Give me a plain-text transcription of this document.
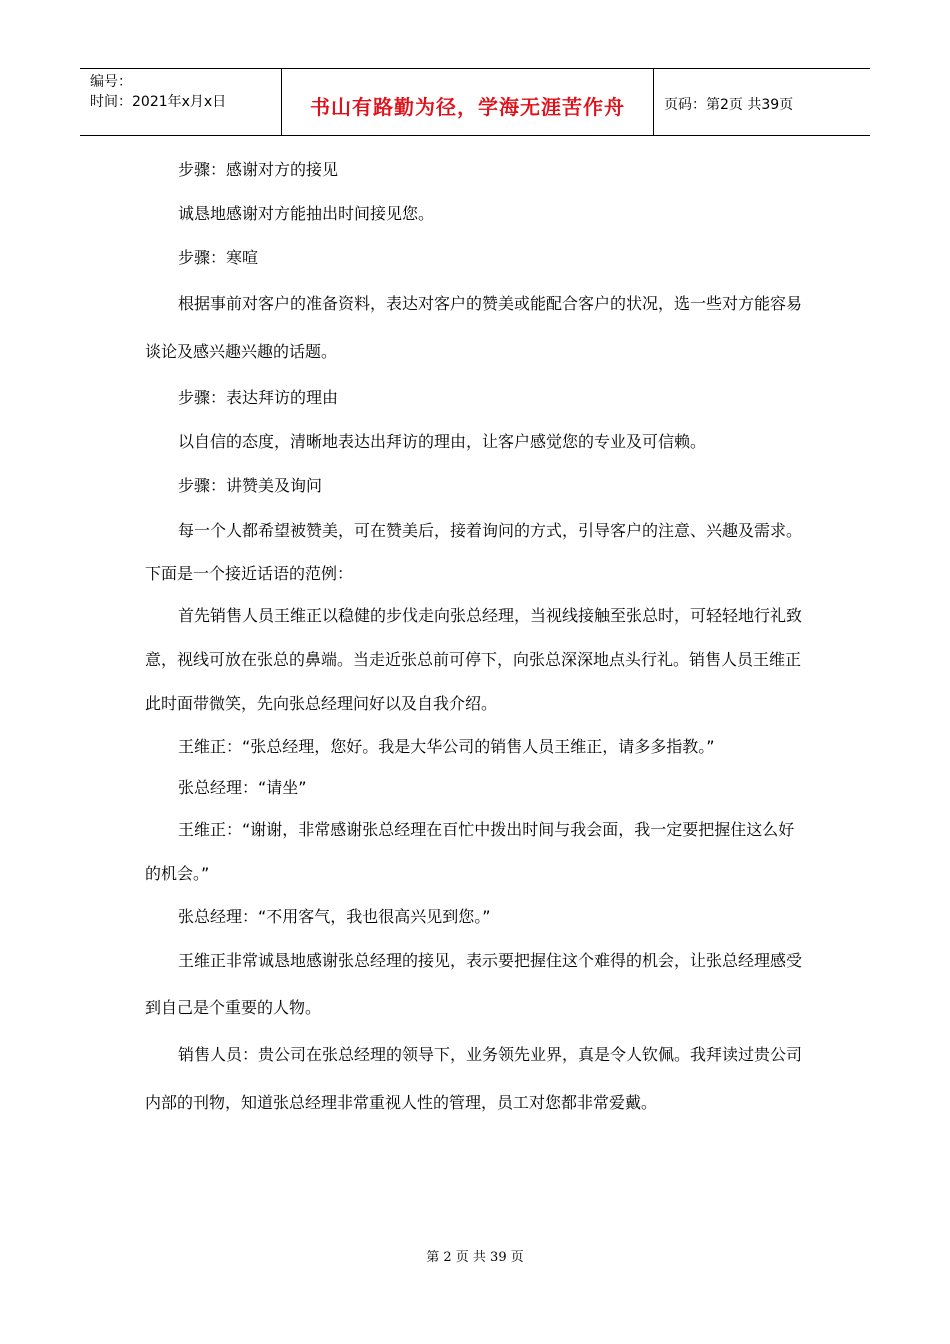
编号：
时间：2021年x月x日	书山有路勤为径，学海无涯苦作舟	页码：第2页 共39页

步骤：感谢对方的接见

诚恳地感谢对方能抽出时间接见您。

步骤：寒喧

根据事前对客户的准备资料，表达对客户的赞美或能配合客户的状况，选一些对方能容易谈论及感兴趣兴趣的话题。

步骤：表达拜访的理由

以自信的态度，清晰地表达出拜访的理由，让客户感觉您的专业及可信赖。

步骤：讲赞美及询问

每一个人都希望被赞美，可在赞美后，接着询问的方式，引导客户的注意、兴趣及需求。

下面是一个接近话语的范例：

首先销售人员王维正以稳健的步伐走向张总经理，当视线接触至张总时，可轻轻地行礼致意，视线可放在张总的鼻端。当走近张总前可停下，向张总深深地点头行礼。销售人员王维正此时面带微笑，先向张总经理问好以及自我介绍。

王维正：“张总经理，您好。我是大华公司的销售人员王维正，请多多指教。”

张总经理：“请坐”

王维正：“谢谢，非常感谢张总经理在百忙中拨出时间与我会面，我一定要把握住这么好的机会。”

张总经理：“不用客气，我也很高兴见到您。”

王维正非常诚恳地感谢张总经理的接见，表示要把握住这个难得的机会，让张总经理感受到自己是个重要的人物。

销售人员：贵公司在张总经理的领导下，业务领先业界，真是令人钦佩。我拜读过贵公司内部的刊物，知道张总经理非常重视人性的管理，员工对您都非常爱戴。

第 2 页 共 39 页
